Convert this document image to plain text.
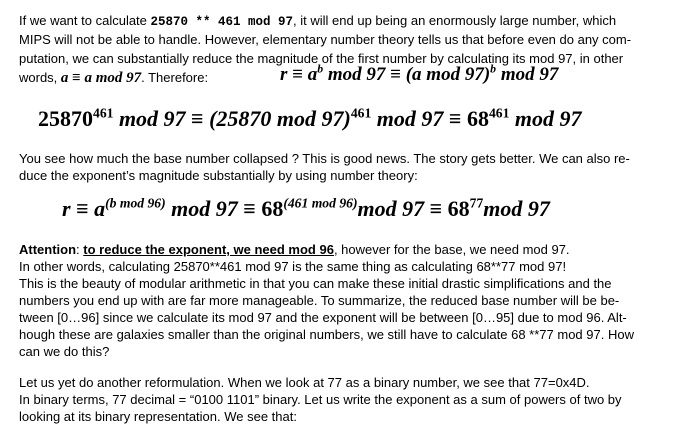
If we want to calculate 25870 ** 461 mod 97, it will end up being an enormously large number, which

MIPS will not be able to handle. However, elementary number theory tells us that before even do any com-

putation, we can substantially reduce the magnitude of the first number by calculating its mod 97, in other

words, a ≡ a mod 97. Therefore:	$r \equiv a^b$ mod 97 ≡ (a mod 97)$^b$ mod 97
25870$^{461}$ mod 97 ≡ (25870 mod 97)$^{461}$ mod $97 \equiv 68^{461}$ mod 97

You see how much the base number collapsed ? This is good news. The story gets better. We can also re-

duce the exponent’s magnitude substantially by using number theory:

$r \equiv a^{(b mod 96)}$ mod $97 \equiv 68^{(461 mod 96)}mod$ $97 \equiv 68^{77}mod$ 97

Attention: to reduce the exponent, we need mod 96, however for the base, we need mod 97.

In other words, calculating 25870**461 mod 97 is the same thing as calculating 68**77 mod 97!

This is the beauty of modular arithmetic in that you can make these initial drastic simplifications and the

numbers you end up with are far more manageable. To summarize, the reduced base number will be be-

tween [0…96] since we calculate its mod 97 and the exponent will be between [0…95] due to mod 96. Alt-

hough these are galaxies smaller than the original numbers, we still have to calculate 68 **77 mod 97. How

can we do this?

Let us yet do another reformulation. When we look at 77 as a binary number, we see that 77=0x4D.

In binary terms, 77 decimal = “0100 1101” binary. Let us write the exponent as a sum of powers of two by

looking at its binary representation. We see that:
